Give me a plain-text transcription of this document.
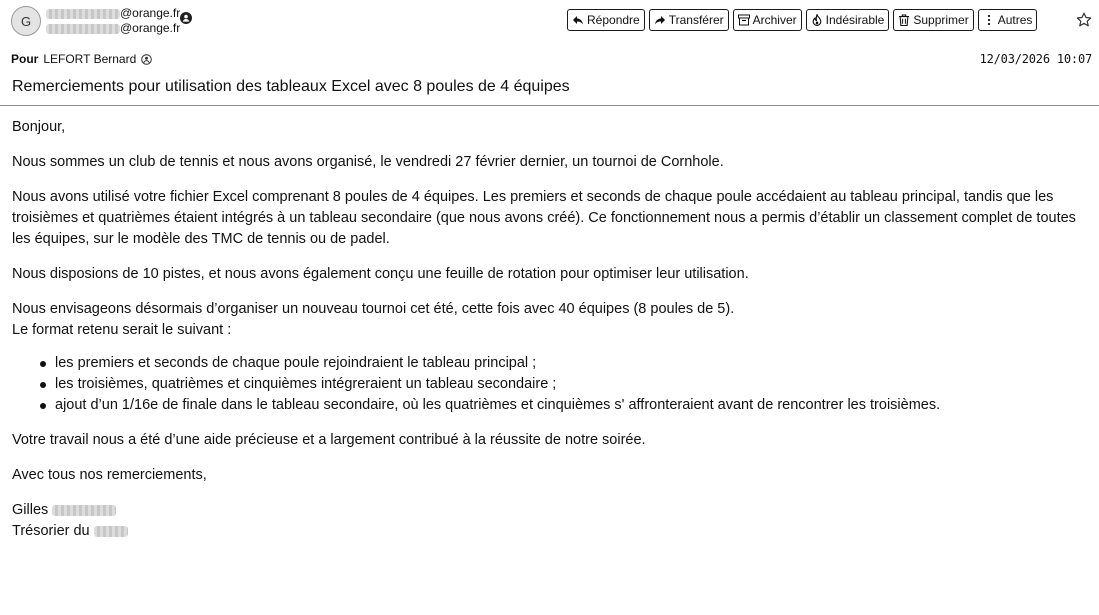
G
@orange.fr
@orange.fr
Répondre Transférer Archiver Indésirable Supprimer Autres
Pour LEFORT Bernard	12/03/2026 10:07
Remerciements pour utilisation des tableaux Excel avec 8 poules de 4 équipes

Bonjour,

Nous sommes un club de tennis et nous avons organisé, le vendredi 27 février dernier, un tournoi de Cornhole.

Nous avons utilisé votre fichier Excel comprenant 8 poules de 4 équipes. Les premiers et seconds de chaque poule accédaient au tableau principal, tandis que les troisièmes et quatrièmes étaient intégrés à un tableau secondaire (que nous avons créé). Ce fonctionnement nous a permis d’établir un classement complet de toutes les équipes, sur le modèle des TMC de tennis ou de padel.

Nous disposions de 10 pistes, et nous avons également conçu une feuille de rotation pour optimiser leur utilisation.

Nous envisageons désormais d’organiser un nouveau tournoi cet été, cette fois avec 40 équipes (8 poules de 5).
Le format retenu serait le suivant :
les premiers et seconds de chaque poule rejoindraient le tableau principal ;
les troisièmes, quatrièmes et cinquièmes intégreraient un tableau secondaire ;
ajout d’un 1/16e de finale dans le tableau secondaire, où les quatrièmes et cinquièmes s' affronteraient avant de rencontrer les troisièmes.

Votre travail nous a été d’une aide précieuse et a largement contribué à la réussite de notre soirée.

Avec tous nos remerciements,

Gilles
Trésorier du
